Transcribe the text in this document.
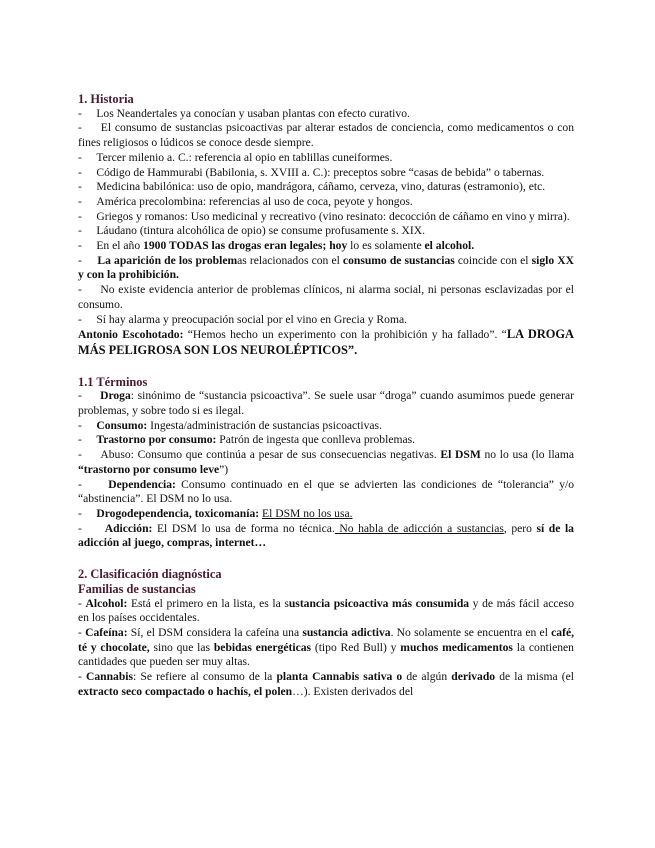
1. Historia

-     Los Neandertales ya conocían y usaban plantas con efecto curativo.

-     El consumo de sustancias psicoactivas par alterar estados de conciencia, como medicamentos o con fines religiosos o lúdicos se conoce desde siempre.

-     Tercer milenio a. C.: referencia al opio en tablillas cuneiformes.

-     Código de Hammurabi (Babilonia, s. XVIII a. C.): preceptos sobre “casas de bebida” o tabernas.

-     Medicina babilónica: uso de opio, mandrágora, cáñamo, cerveza, vino, daturas (estramonio), etc.

-     América precolombina: referencias al uso de coca, peyote y hongos.

-     Griegos y romanos: Uso medicinal y recreativo (vino resinato: decocción de cáñamo en vino y mirra).

-     Láudano (tintura alcohólica de opio) se consume profusamente s. XIX.

-     En el año 1900 TODAS las drogas eran legales; hoy lo es solamente el alcohol.

-     La aparición de los problemas relacionados con el consumo de sustancias coincide con el siglo XX y con la prohibición.

-     No existe evidencia anterior de problemas clínicos, ni alarma social, ni personas esclavizadas por el consumo.

-     Sí hay alarma y preocupación social por el vino en Grecia y Roma.

Antonio Escohotado: “Hemos hecho un experimento con la prohibición y ha fallado”. “LA DROGA MÁS PELIGROSA SON LOS NEUROLÉPTICOS”.

1.1 Términos

-     Droga: sinónimo de “sustancia psicoactiva”. Se suele usar “droga” cuando asumimos puede generar problemas, y sobre todo si es ilegal.

-     Consumo: Ingesta/administración de sustancias psicoactivas.

-     Trastorno por consumo: Patrón de ingesta que conlleva problemas.

-     Abuso: Consumo que continúa a pesar de sus consecuencias negativas. El DSM no lo usa (lo llama “trastorno por consumo leve”)

-     Dependencia: Consumo continuado en el que se advierten las condiciones de “tolerancia” y/o “abstinencia”. El DSM no lo usa.

-     Drogodependencia, toxicomanía: El DSM no los usa.

-     Adicción: El DSM lo usa de forma no técnica. No habla de adicción a sustancias, pero sí de la adicción al juego, compras, internet…

2. Clasificación diagnóstica
Familias de sustancias

- Alcohol: Está el primero en la lista, es la sustancia psicoactiva más consumida y de más fácil acceso en los países occidentales.

- Cafeína: Sí, el DSM considera la cafeína una sustancia adictiva. No solamente se encuentra en el café, té y chocolate, sino que las bebidas energéticas (tipo Red Bull) y muchos medicamentos la contienen cantidades que pueden ser muy altas.

- Cannabis: Se refiere al consumo de la planta Cannabis sativa o de algún derivado de la misma (el extracto seco compactado o hachís, el polen…). Existen derivados del
